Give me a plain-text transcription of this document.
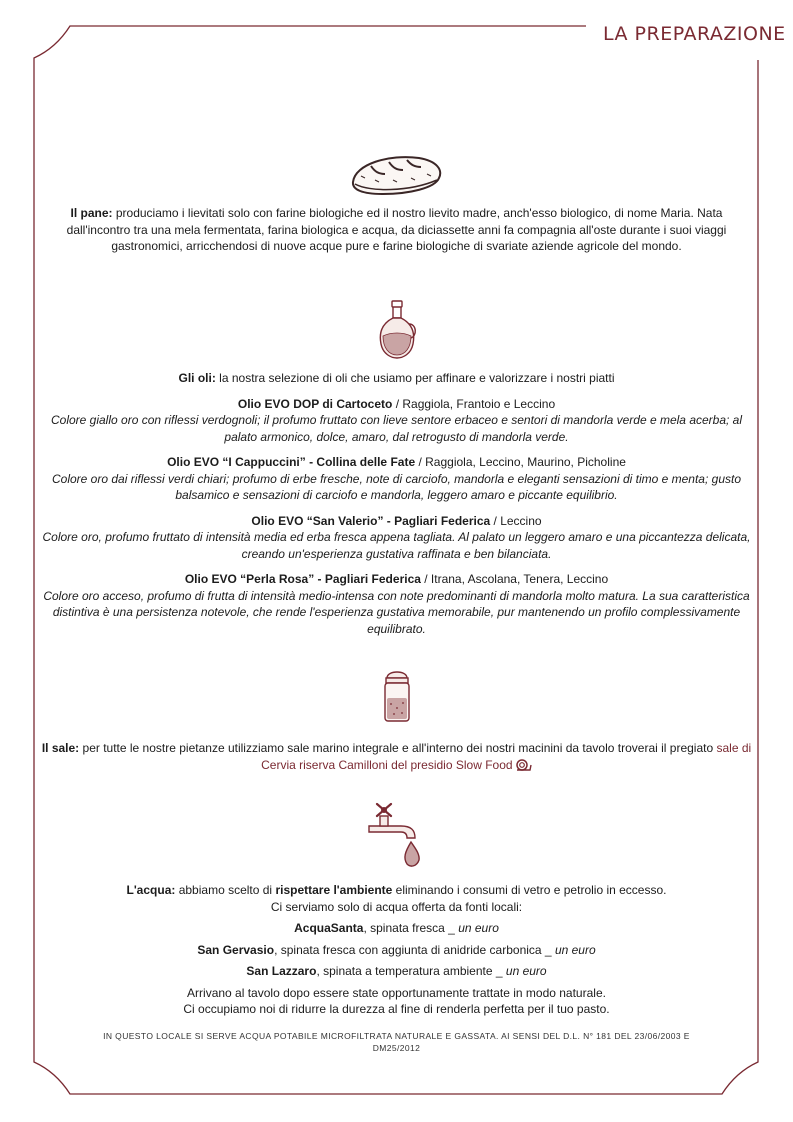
LA PREPARAZIONE

Il pane: produciamo i lievitati solo con farine biologiche ed il nostro lievito madre, anch'esso biologico, di nome Maria. Nata dall'incontro tra una mela fermentata, farina biologica e acqua, da diciassette anni fa compagnia all'oste durante i suoi viaggi gastronomici, arricchendosi di nuove acque pure e farine biologiche di svariate aziende agricole del mondo.

Gli oli: la nostra selezione di oli che usiamo per affinare e valorizzare i nostri piatti

Olio EVO DOP di Cartoceto / Raggiola, Frantoio e Leccino

Colore giallo oro con riflessi verdognoli; il profumo fruttato con lieve sentore erbaceo e sentori di mandorla verde e mela acerba; al palato armonico, dolce, amaro, dal retrogusto di mandorla verde.

Olio EVO “I Cappuccini” - Collina delle Fate / Raggiola, Leccino, Maurino, Picholine

Colore oro dai riflessi verdi chiari; profumo di erbe fresche, note di carciofo, mandorla e eleganti sensazioni di timo e menta; gusto balsamico e sensazioni di carciofo e mandorla, leggero amaro e piccante equilibrio.

Olio EVO “San Valerio” - Pagliari Federica / Leccino

Colore oro, profumo fruttato di intensità media ed erba fresca appena tagliata. Al palato un leggero amaro e una piccantezza delicata, creando un'esperienza gustativa raffinata e ben bilanciata.

Olio EVO “Perla Rosa” - Pagliari Federica / Itrana, Ascolana, Tenera, Leccino

Colore oro acceso, profumo di frutta di intensità medio-intensa con note predominanti di mandorla molto matura. La sua caratteristica distintiva è una persistenza notevole, che rende l'esperienza gustativa memorabile, pur mantenendo un profilo complessivamente equilibrato.

Il sale: per tutte le nostre pietanze utilizziamo sale marino integrale e all'interno dei nostri macinini da tavolo troverai il pregiato sale di Cervia riserva Camilloni del presidio Slow Food

L'acqua: abbiamo scelto di rispettare l'ambiente eliminando i consumi di vetro e petrolio in eccesso.

Ci serviamo solo di acqua offerta da fonti locali:

AcquaSanta, spinata fresca _ un euro

San Gervasio, spinata fresca con aggiunta di anidride carbonica _ un euro

San Lazzaro, spinata a temperatura ambiente _ un euro

Arrivano al tavolo dopo essere state opportunamente trattate in modo naturale.

Ci occupiamo noi di ridurre la durezza al fine di renderla perfetta per il tuo pasto.

IN QUESTO LOCALE SI SERVE ACQUA POTABILE MICROFILTRATA NATURALE E GASSATA. AI SENSI DEL D.L. N° 181 DEL 23/06/2003 E DM25/2012
